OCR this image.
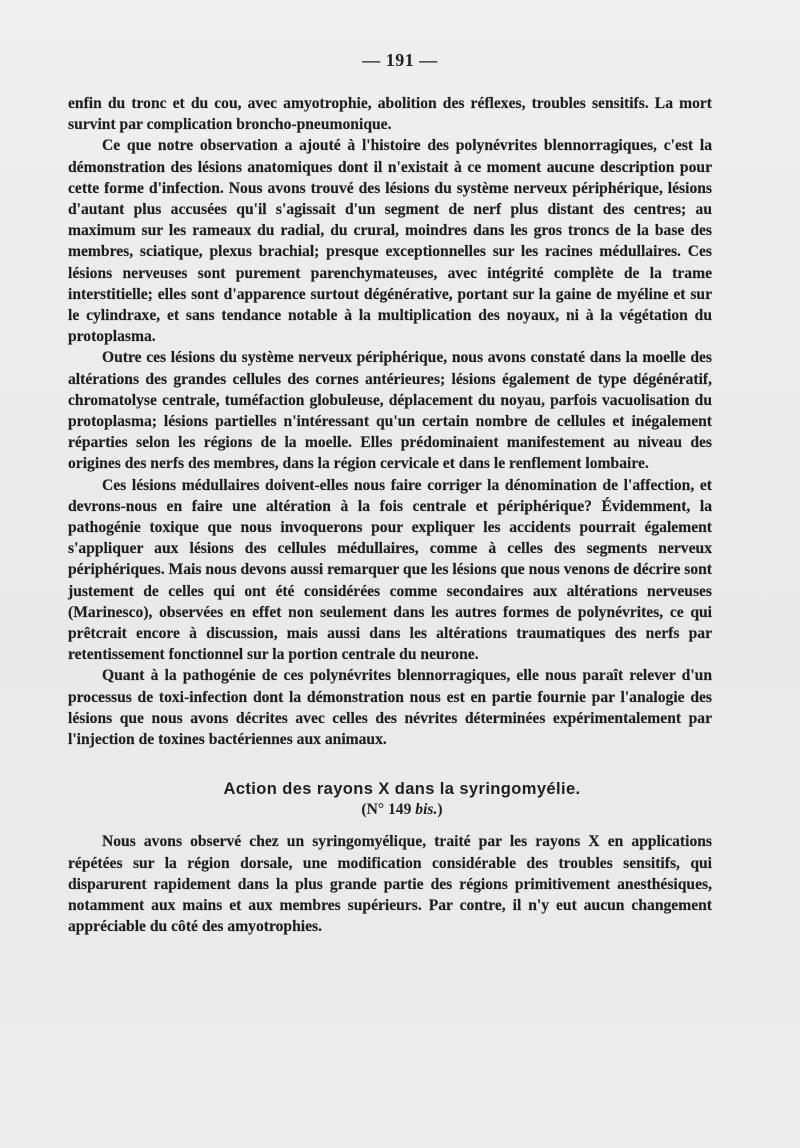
— 191 —

enfin du tronc et du cou, avec amyotrophie, abolition des réflexes, troubles sensitifs. La mort survint par complication broncho-pneumonique.

Ce que notre observation a ajouté à l'histoire des polynévrites blennorragiques, c'est la démonstration des lésions anatomiques dont il n'existait à ce moment aucune description pour cette forme d'infection. Nous avons trouvé des lésions du système nerveux périphérique, lésions d'autant plus accusées qu'il s'agissait d'un segment de nerf plus distant des centres; au maximum sur les rameaux du radial, du crural, moindres dans les gros troncs de la base des membres, sciatique, plexus brachial; presque exceptionnelles sur les racines médullaires. Ces lésions nerveuses sont purement parenchymateuses, avec intégrité complète de la trame interstitielle; elles sont d'apparence surtout dégénérative, portant sur la gaine de myéline et sur le cylindraxe, et sans tendance notable à la multiplication des noyaux, ni à la végétation du protoplasma.

Outre ces lésions du système nerveux périphérique, nous avons constaté dans la moelle des altérations des grandes cellules des cornes antérieures; lésions également de type dégénératif, chromatolyse centrale, tuméfaction globuleuse, déplacement du noyau, parfois vacuolisation du protoplasma; lésions partielles n'intéressant qu'un certain nombre de cellules et inégalement réparties selon les régions de la moelle. Elles prédominaient manifestement au niveau des origines des nerfs des membres, dans la région cervicale et dans le renflement lombaire.

Ces lésions médullaires doivent-elles nous faire corriger la dénomination de l'affection, et devrons-nous en faire une altération à la fois centrale et périphérique? Évidemment, la pathogénie toxique que nous invoquerons pour expliquer les accidents pourrait également s'appliquer aux lésions des cellules médullaires, comme à celles des segments nerveux périphériques. Mais nous devons aussi remarquer que les lésions que nous venons de décrire sont justement de celles qui ont été considérées comme secondaires aux altérations nerveuses (Marinesco), observées en effet non seulement dans les autres formes de polynévrites, ce qui prêtcrait encore à discussion, mais aussi dans les altérations traumatiques des nerfs par retentissement fonctionnel sur la portion centrale du neurone.

Quant à la pathogénie de ces polynévrites blennorragiques, elle nous paraît relever d'un processus de toxi-infection dont la démonstration nous est en partie fournie par l'analogie des lésions que nous avons décrites avec celles des névrites déterminées expérimentalement par l'injection de toxines bactériennes aux animaux.

Action des rayons X dans la syringomyélie.
(N° 149 bis.)

Nous avons observé chez un syringomyélique, traité par les rayons X en applications répétées sur la région dorsale, une modification considérable des troubles sensitifs, qui disparurent rapidement dans la plus grande partie des régions primitivement anesthésiques, notamment aux mains et aux membres supérieurs. Par contre, il n'y eut aucun changement appréciable du côté des amyotrophies.
